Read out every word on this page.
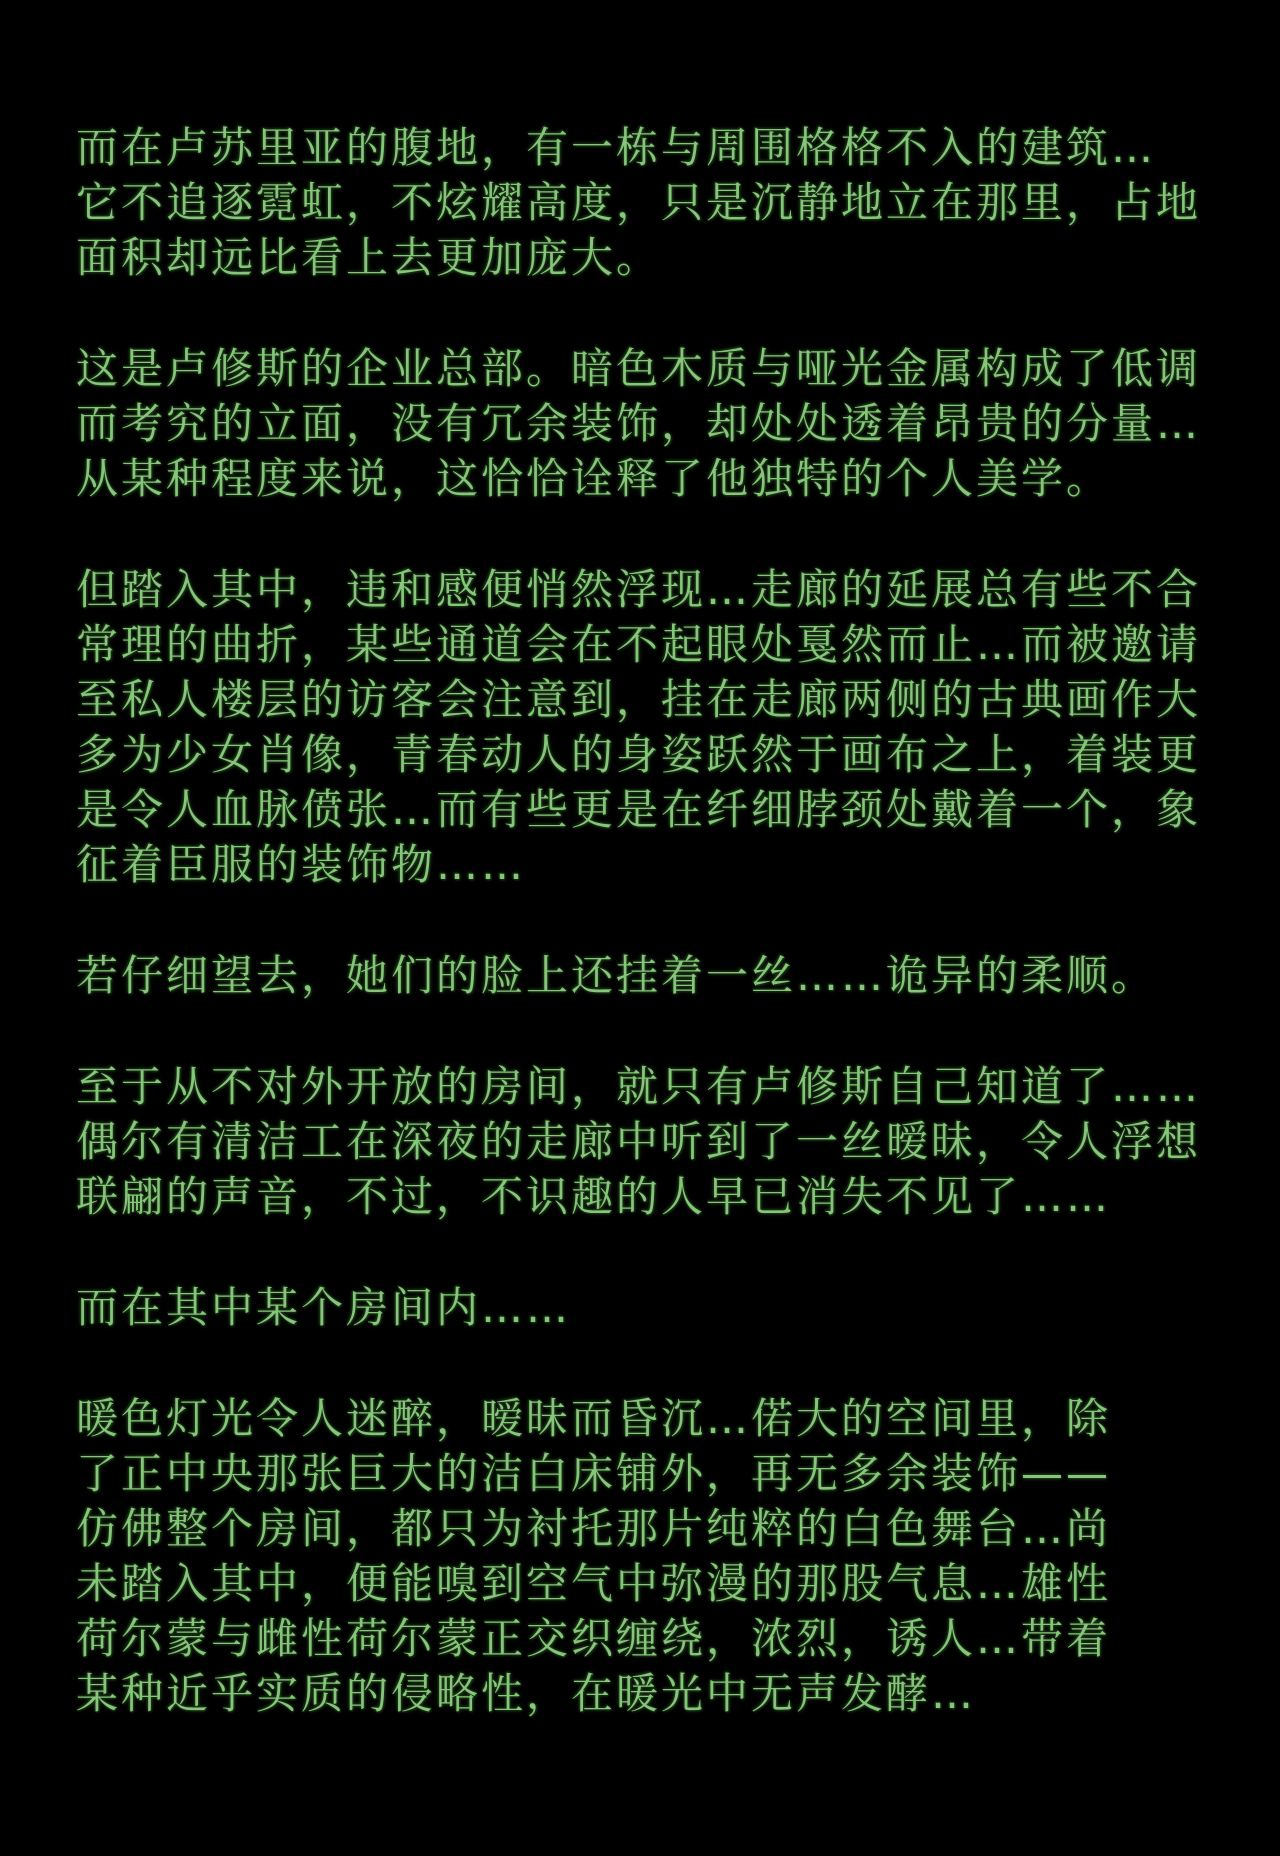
而在卢苏里亚的腹地，有一栋与周围格格不入的建筑…
它不追逐霓虹，不炫耀高度，只是沉静地立在那里，占地
面积却远比看上去更加庞大。
这是卢修斯的企业总部。暗色木质与哑光金属构成了低调
而考究的立面，没有冗余装饰，却处处透着昂贵的分量…
从某种程度来说，这恰恰诠释了他独特的个人美学。
但踏入其中，违和感便悄然浮现…走廊的延展总有些不合
常理的曲折，某些通道会在不起眼处戛然而止…而被邀请
至私人楼层的访客会注意到，挂在走廊两侧的古典画作大
多为少女肖像，青春动人的身姿跃然于画布之上，着装更
是令人血脉偾张…而有些更是在纤细脖颈处戴着一个，象
征着臣服的装饰物……
若仔细望去，她们的脸上还挂着一丝……诡异的柔顺。
至于从不对外开放的房间，就只有卢修斯自己知道了……
偶尔有清洁工在深夜的走廊中听到了一丝暧昧，令人浮想
联翩的声音，不过，不识趣的人早已消失不见了……
而在其中某个房间内……
暖色灯光令人迷醉，暧昧而昏沉…偌大的空间里，除
了正中央那张巨大的洁白床铺外，再无多余装饰——
仿佛整个房间，都只为衬托那片纯粹的白色舞台…尚
未踏入其中，便能嗅到空气中弥漫的那股气息…雄性
荷尔蒙与雌性荷尔蒙正交织缠绕，浓烈，诱人…带着
某种近乎实质的侵略性，在暖光中无声发酵…
